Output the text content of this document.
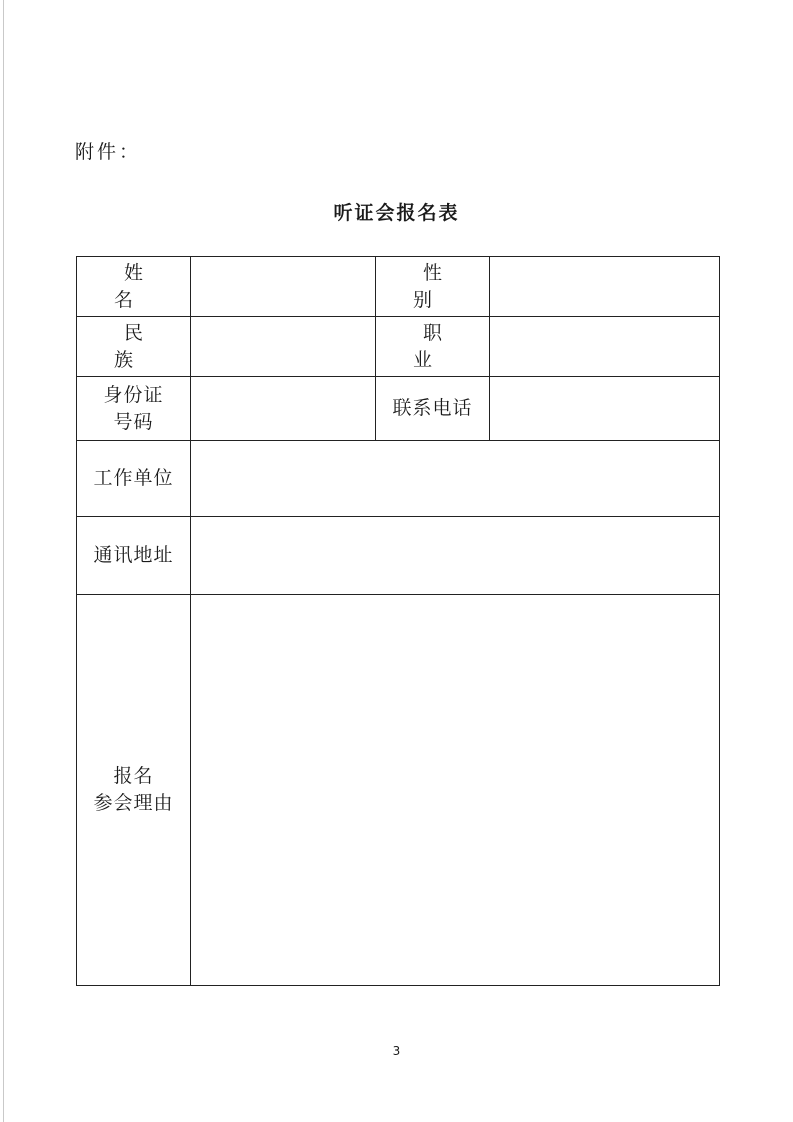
附件：
听证会报名表
姓 名		性 别	
民 族		职 业	

身份证
号码		联系电话	
工作单位			
通讯地址			

报名
参会理由			

3
